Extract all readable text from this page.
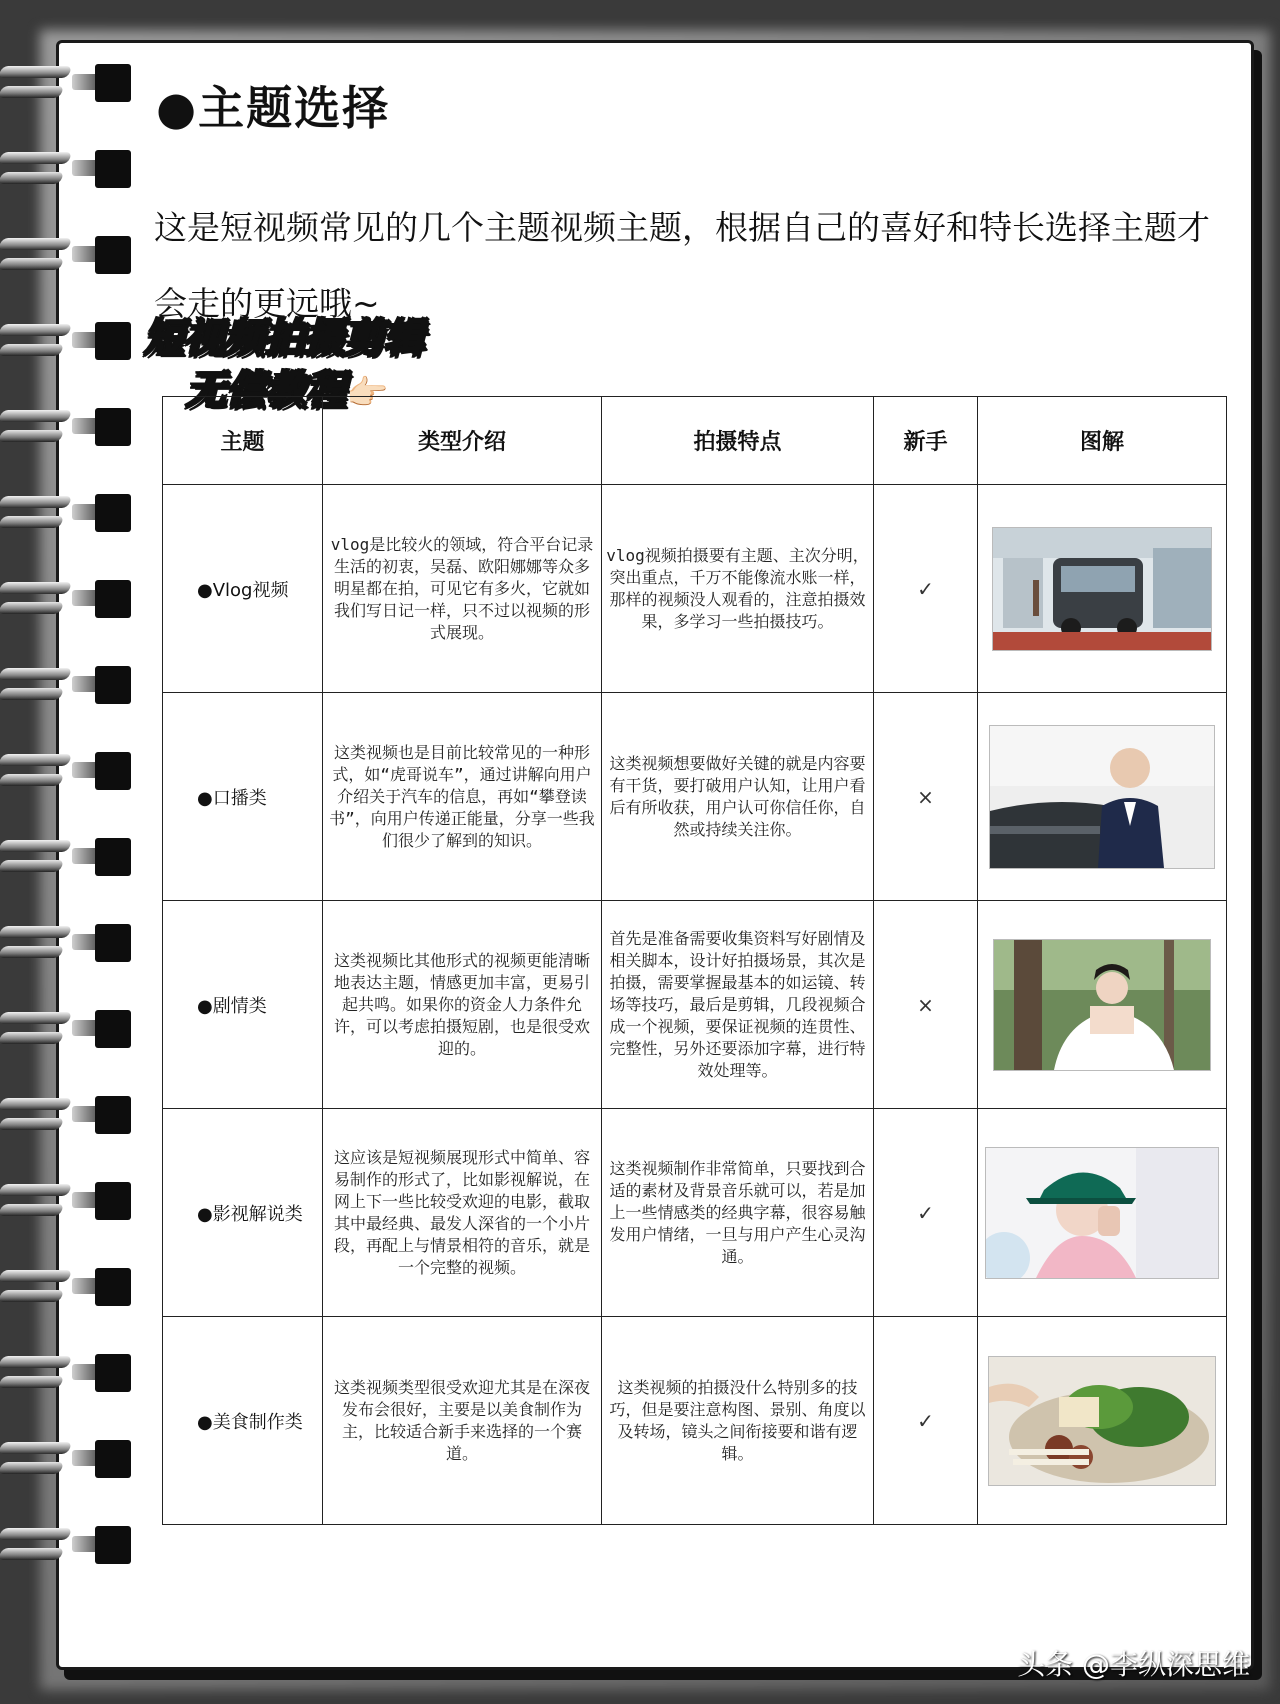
●主题选择
这是短视频常见的几个主题视频主题，根据自己的喜好和特长选择主题才会走的更远哦~
短视频拍摄剪辑
无偿教程👉🏻
主题	类型介绍	拍摄特点	新手	图解
●Vlog视频	vlog是比较火的领域，符合平台记录生活的初衷，吴磊、欧阳娜娜等众多明星都在拍，可见它有多火，它就如我们写日记一样，只不过以视频的形式展现。	vlog视频拍摄要有主题、主次分明，突出重点，千万不能像流水账一样，那样的视频没人观看的，注意拍摄效果，多学习一些拍摄技巧。	✓	

●口播类	这类视频也是目前比较常见的一种形式，如“虎哥说车”，通过讲解向用户介绍关于汽车的信息，再如“攀登读书”，向用户传递正能量，分享一些我们很少了解到的知识。	这类视频想要做好关键的就是内容要有干货，要打破用户认知，让用户看后有所收获，用户认可你信任你，自然或持续关注你。	×	

●剧情类	这类视频比其他形式的视频更能清晰地表达主题，情感更加丰富，更易引起共鸣。如果你的资金人力条件允许，可以考虑拍摄短剧，也是很受欢迎的。	首先是准备需要收集资料写好剧情及相关脚本，设计好拍摄场景，其次是拍摄，需要掌握最基本的如运镜、转场等技巧，最后是剪辑，几段视频合成一个视频，要保证视频的连贯性、完整性，另外还要添加字幕，进行特效处理等。	×	

●影视解说类	这应该是短视频展现形式中简单、容易制作的形式了，比如影视解说，在网上下一些比较受欢迎的电影，截取其中最经典、最发人深省的一个小片段，再配上与情景相符的音乐，就是一个完整的视频。	这类视频制作非常简单，只要找到合适的素材及背景音乐就可以，若是加上一些情感类的经典字幕，很容易触发用户情绪，一旦与用户产生心灵沟通。	✓	

●美食制作类	这类视频类型很受欢迎尤其是在深夜发布会很好，主要是以美食制作为主，比较适合新手来选择的一个赛道。	这类视频的拍摄没什么特别多的技巧，但是要注意构图、景别、角度以及转场，镜头之间衔接要和谐有逻辑。	✓	
头条 @李纵深思维
